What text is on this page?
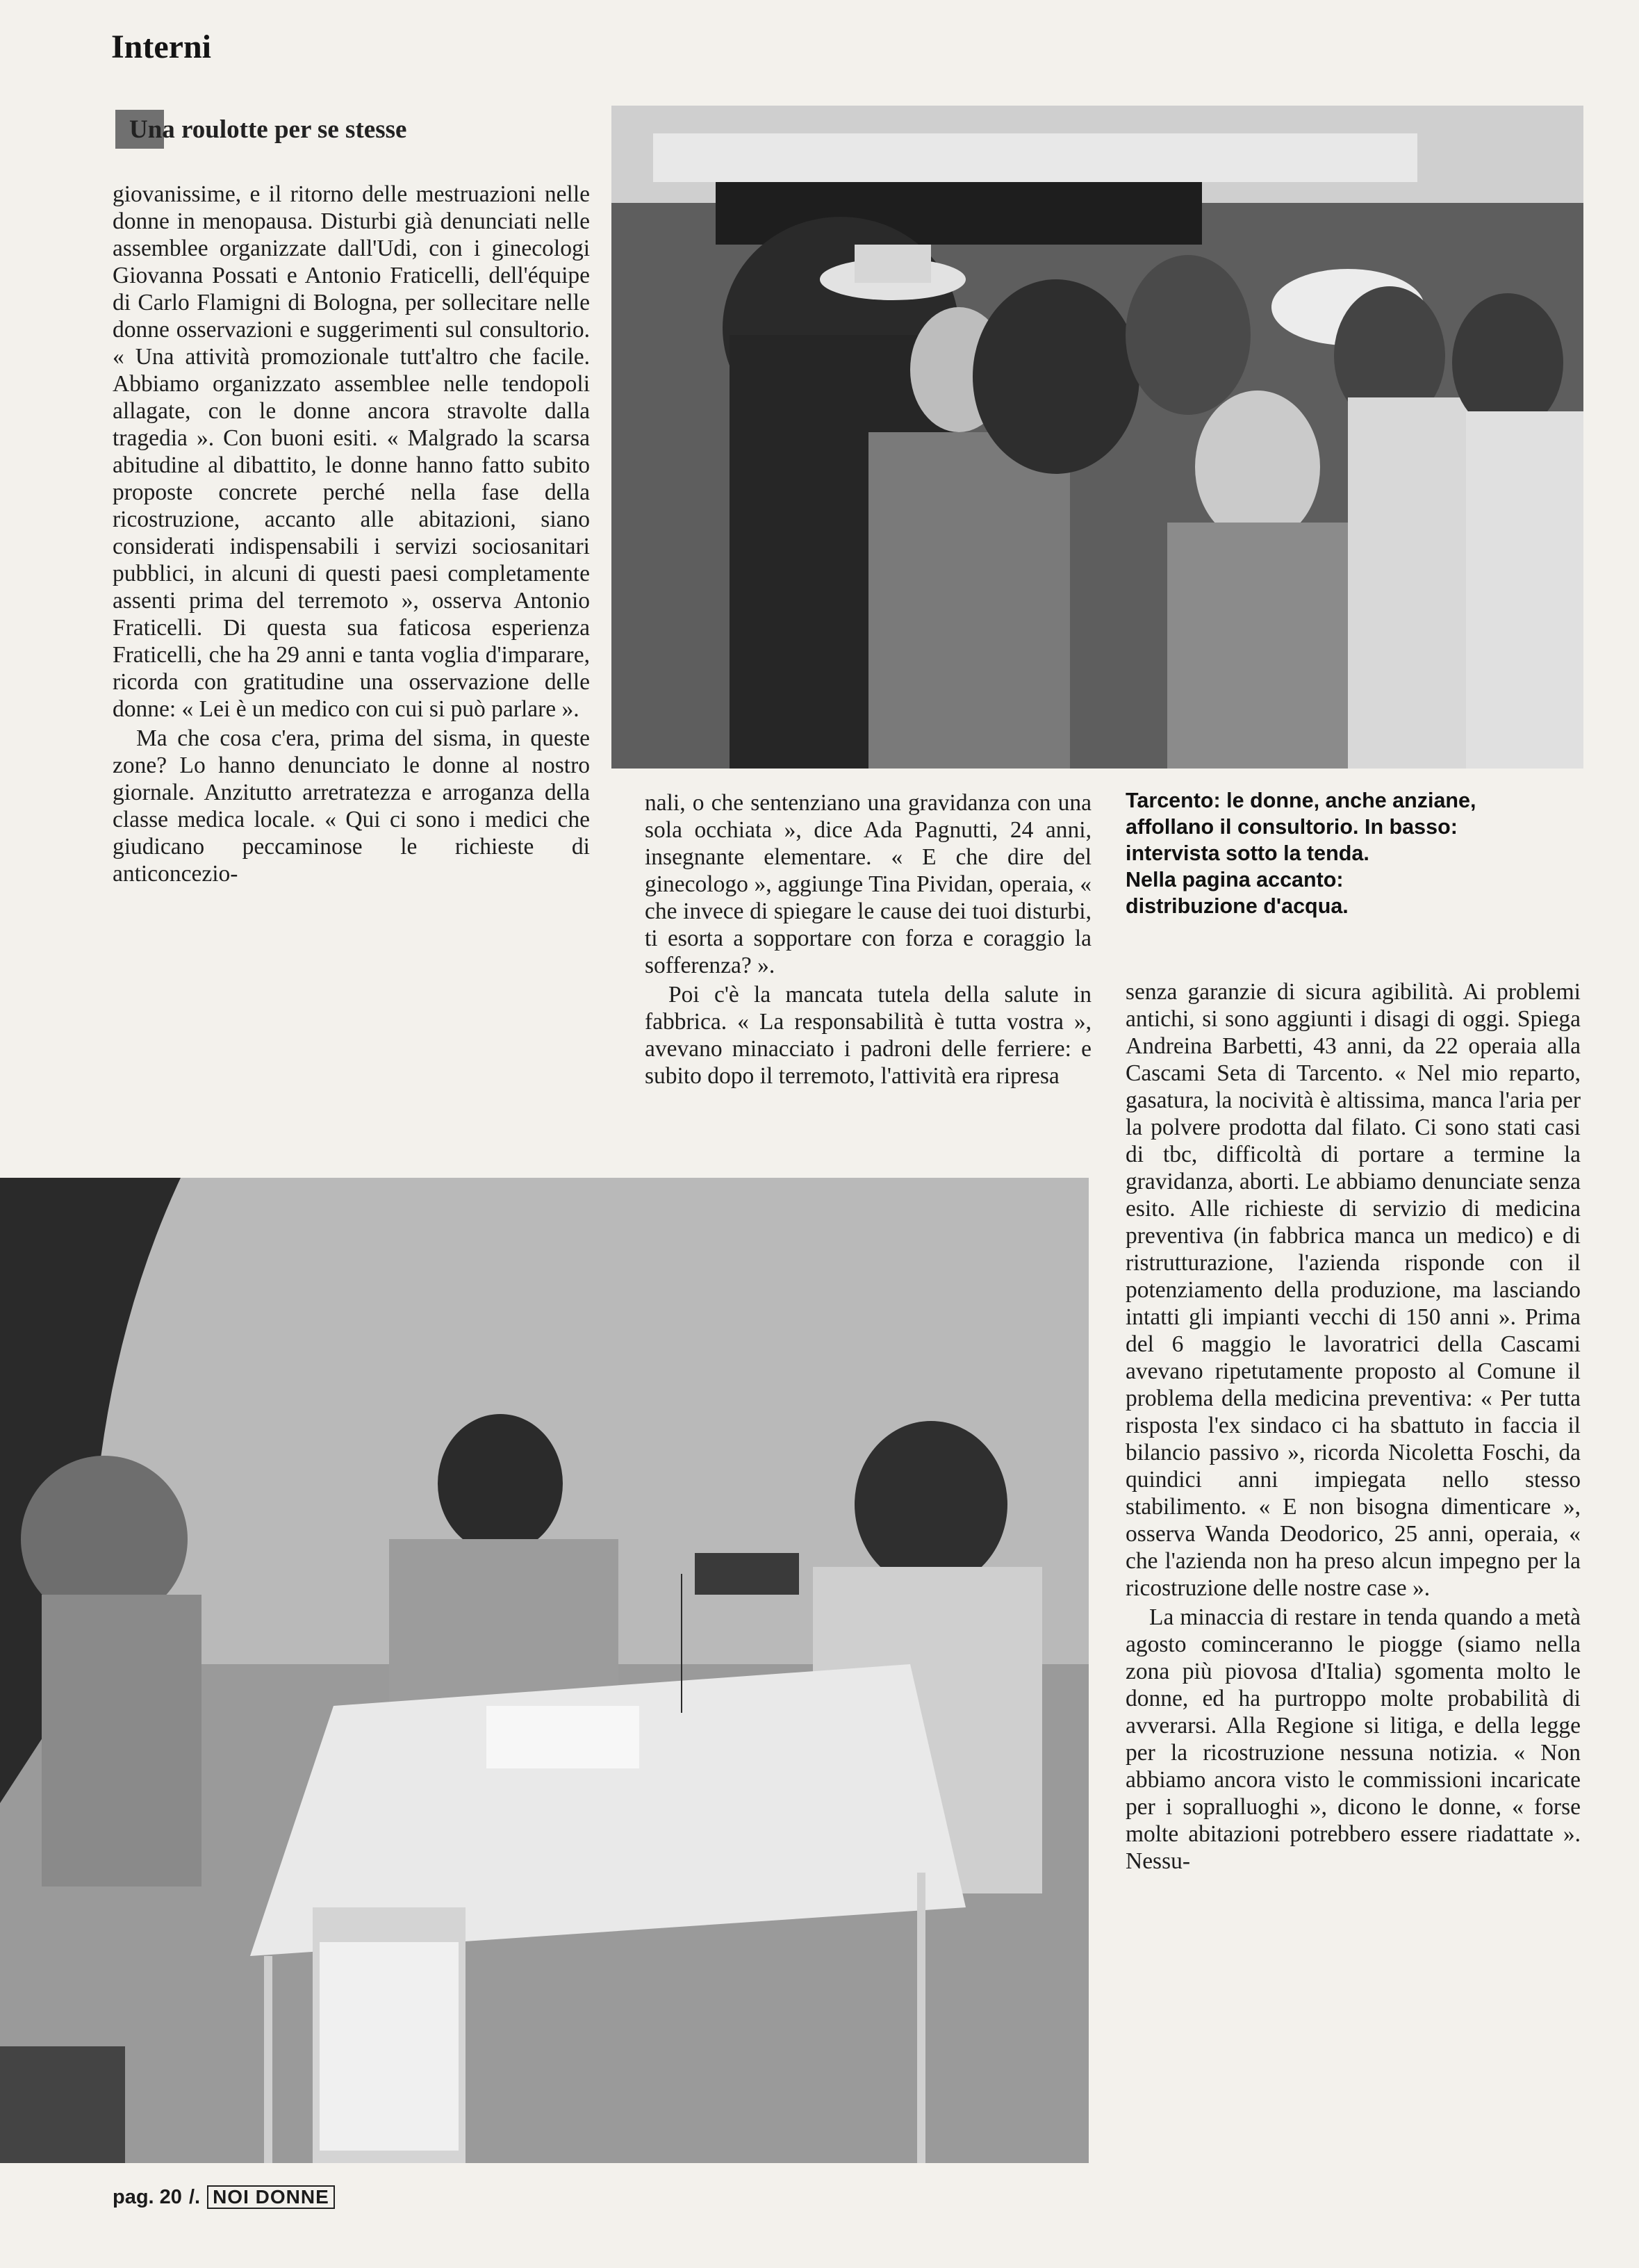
Interni
Una roulotte per se stesse

giovanissime, e il ritorno delle mestruazioni nelle donne in menopausa. Disturbi già denunciati nelle assemblee organizzate dall'Udi, con i ginecologi Giovanna Possati e Antonio Fraticelli, dell'équipe di Carlo Flamigni di Bologna, per sollecitare nelle donne osservazioni e suggerimenti sul consultorio. « Una attività promozionale tutt'altro che facile. Abbiamo organizzato assemblee nelle tendopoli allagate, con le donne ancora stravolte dalla tragedia ». Con buoni esiti. « Malgrado la scarsa abitudine al dibattito, le donne hanno fatto subito proposte concrete perché nella fase della ricostruzione, accanto alle abitazioni, siano considerati indispensabili i servizi sociosanitari pubblici, in alcuni di questi paesi completamente assenti prima del terremoto », osserva Antonio Fraticelli. Di questa sua faticosa esperienza Fraticelli, che ha 29 anni e tanta voglia d'imparare, ricorda con gratitudine una osservazione delle donne: « Lei è un medico con cui si può parlare ».

Ma che cosa c'era, prima del sisma, in queste zone? Lo hanno denunciato le donne al nostro giornale. Anzitutto arretratezza e arroganza della classe medica locale. « Qui ci sono i medici che giudicano peccaminose le richieste di anticoncezio-

nali, o che sentenziano una gravidanza con una sola occhiata », dice Ada Pagnutti, 24 anni, insegnante elementare. « E che dire del ginecologo », aggiunge Tina Pividan, operaia, « che invece di spiegare le cause dei tuoi disturbi, ti esorta a sopportare con forza e coraggio la sofferenza? ».

Poi c'è la mancata tutela della salute in fabbrica. « La responsabilità è tutta vostra », avevano minacciato i padroni delle ferriere: e subito dopo il terremoto, l'attività era ripresa

Tarcento: le donne, anche anziane,
affollano il consultorio. In basso:
intervista sotto la tenda.
Nella pagina accanto:
distribuzione d'acqua.

senza garanzie di sicura agibilità. Ai problemi antichi, si sono aggiunti i disagi di oggi. Spiega Andreina Barbetti, 43 anni, da 22 operaia alla Cascami Seta di Tarcento. « Nel mio reparto, gasatura, la nocività è altissima, manca l'aria per la polvere prodotta dal filato. Ci sono stati casi di tbc, difficoltà di portare a termine la gravidanza, aborti. Le abbiamo denunciate senza esito. Alle richieste di servizio di medicina preventiva (in fabbrica manca un medico) e di ristrutturazione, l'azienda risponde con il potenziamento della produzione, ma lasciando intatti gli impianti vecchi di 150 anni ». Prima del 6 maggio le lavoratrici della Cascami avevano ripetutamente proposto al Comune il problema della medicina preventiva: « Per tutta risposta l'ex sindaco ci ha sbattuto in faccia il bilancio passivo », ricorda Nicoletta Foschi, da quindici anni impiegata nello stesso stabilimento. « E non bisogna dimenticare », osserva Wanda Deodorico, 25 anni, operaia, « che l'azienda non ha preso alcun impegno per la ricostruzione delle nostre case ».

La minaccia di restare in tenda quando a metà agosto cominceranno le piogge (siamo nella zona più piovosa d'Italia) sgomenta molto le donne, ed ha purtroppo molte probabilità di avverarsi. Alla Regione si litiga, e della legge per la ricostruzione nessuna notizia. « Non abbiamo ancora visto le commissioni incaricate per i sopralluoghi », dicono le donne, « forse molte abitazioni potrebbero essere riadattate ». Nessu-

pag. 20 /. NOI DONNE
